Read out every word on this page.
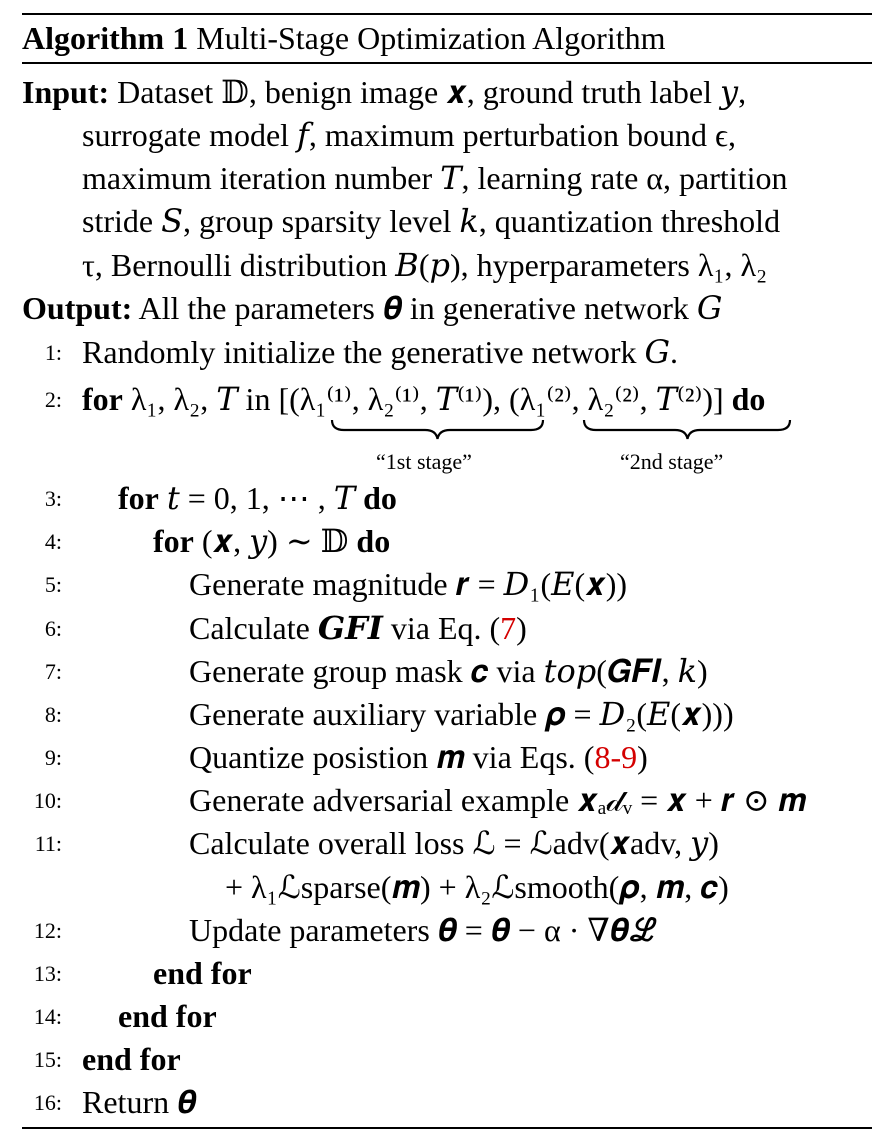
Algorithm 1 Multi-Stage Optimization Algorithm
Input: Dataset 𝔻, benign image 𝒙, ground truth label 𝑦,
surrogate model 𝑓, maximum perturbation bound ϵ,
maximum iteration number 𝑇, learning rate α, partition
stride 𝑆, group sparsity level 𝑘, quantization threshold
τ, Bernoulli distribution 𝐵(𝑝), hyperparameters λ₁, λ₂
Output: All the parameters 𝜽 in generative network 𝐺
1: Randomly initialize the generative network 𝐺.
2: for λ₁, λ₂, 𝑇 in [(λ₁⁽¹⁾, λ₂⁽¹⁾, 𝑇⁽¹⁾), (λ₁⁽²⁾, λ₂⁽²⁾, 𝑇⁽²⁾)] do
“1st stage”	“2nd stage”
3: for 𝑡 = 0, 1, ⋯ , 𝑇 do
4:	for (𝒙, 𝑦) ∼ 𝔻 do
5:	Generate magnitude 𝒓 = 𝐷₁(𝐸(𝒙))
6:	Calculate 𝑮𝑭𝑰 via Eq. (7)
7:	Generate group mask 𝒄 via 𝑡𝑜𝑝(𝑮𝑭𝑰, 𝑘)
8:	Generate auxiliary variable 𝝆 = 𝐷₂(𝐸(𝒙)))
9:	Quantize posistion 𝒎 via Eqs. (8-9)
10:	Generate adversarial example 𝒙ₐ𝒹ᵥ = 𝒙 + 𝒓 ⊙ 𝒎
11:	Calculate overall loss ℒ = ℒadv(𝒙adv, 𝑦)
+ λ₁ℒsparse(𝒎) + λ₂ℒsmooth(𝝆, 𝒎, 𝒄)
12:	Update parameters 𝜽 = 𝜽 − α · ∇𝜽ℒ
13:	end for
14: end for
15: end for
16: Return 𝜽
